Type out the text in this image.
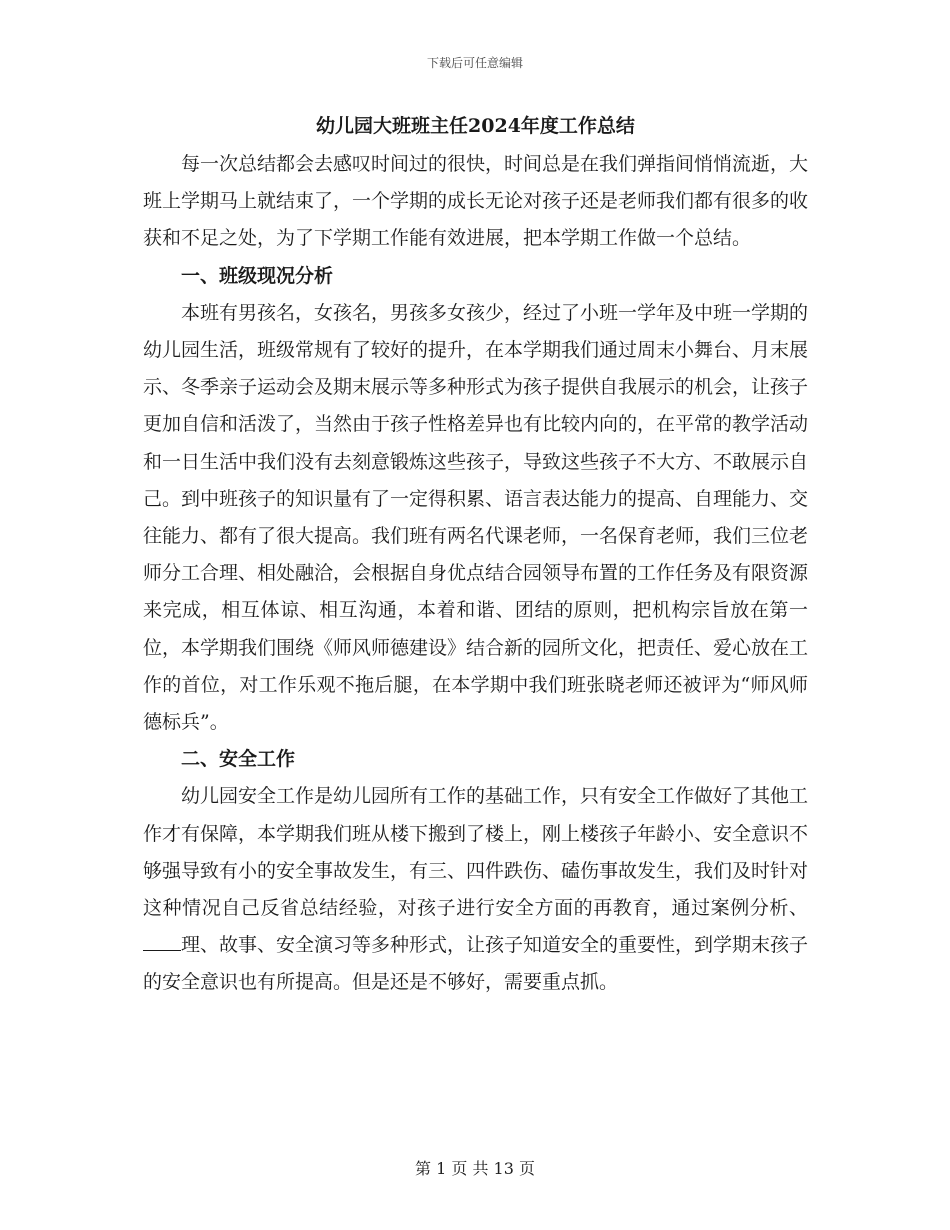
下载后可任意编辑
幼儿园大班班主任2024年度工作总结

每一次总结都会去感叹时间过的很快，时间总是在我们弹指间悄悄流逝，大班上学期马上就结束了，一个学期的成长无论对孩子还是老师我们都有很多的收获和不足之处，为了下学期工作能有效进展，把本学期工作做一个总结。

一、班级现况分析

本班有男孩名，女孩名，男孩多女孩少，经过了小班一学年及中班一学期的幼儿园生活，班级常规有了较好的提升，在本学期我们通过周末小舞台、月末展示、冬季亲子运动会及期末展示等多种形式为孩子提供自我展示的机会，让孩子更加自信和活泼了，当然由于孩子性格差异也有比较内向的，在平常的教学活动和一日生活中我们没有去刻意锻炼这些孩子，导致这些孩子不大方、不敢展示自己。到中班孩子的知识量有了一定得积累、语言表达能力的提高、自理能力、交往能力、都有了很大提高。我们班有两名代课老师，一名保育老师，我们三位老师分工合理、相处融洽，会根据自身优点结合园领导布置的工作任务及有限资源来完成，相互体谅、相互沟通，本着和谐、团结的原则，把机构宗旨放在第一位，本学期我们围绕《师风师德建设》结合新的园所文化，把责任、爱心放在工作的首位，对工作乐观不拖后腿，在本学期中我们班张晓老师还被评为“师风师德标兵”。

二、安全工作

幼儿园安全工作是幼儿园所有工作的基础工作，只有安全工作做好了其他工作才有保障，本学期我们班从楼下搬到了楼上，刚上楼孩子年龄小、安全意识不够强导致有小的安全事故发生，有三、四件跌伤、磕伤事故发生，我们及时针对这种情况自己反省总结经验，对孩子进行安全方面的再教育，通过案例分析、理、故事、安全演习等多种形式，让孩子知道安全的重要性，到学期末孩子的安全意识也有所提高。但是还是不够好，需要重点抓。

第 1 页 共 13 页
